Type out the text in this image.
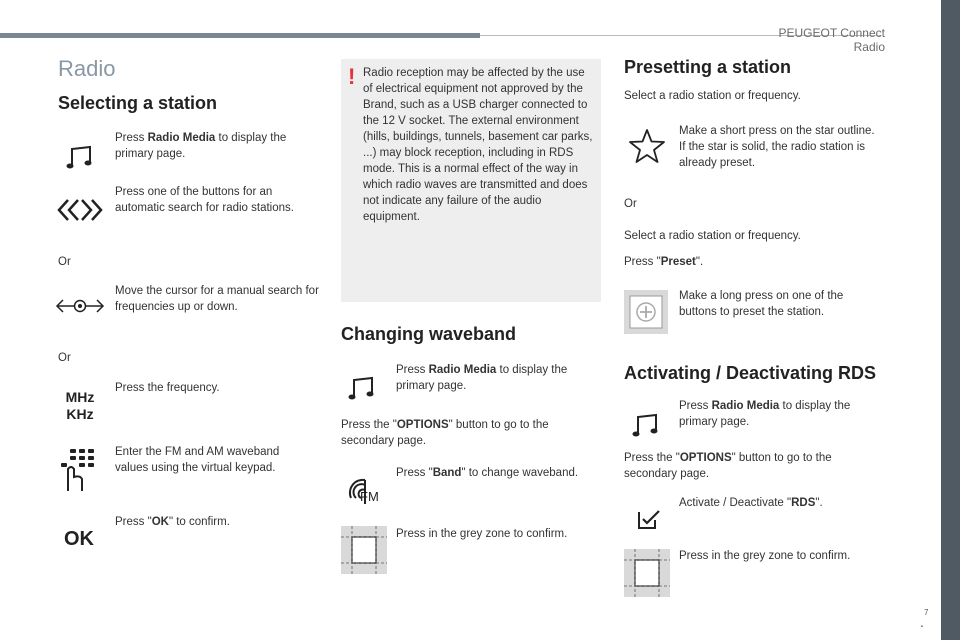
PEUGEOT Connect Radio
Radio
Selecting a station
Press Radio Media to display the primary page.
Press one of the buttons for an automatic search for radio stations.
Or
Move the cursor for a manual search for frequencies up or down.
Or
MHz
KHz
Press the frequency.
Enter the FM and AM waveband values using the virtual keypad.
OK
Press "OK" to confirm.
! Radio reception may be affected by the use of electrical equipment not approved by the Brand, such as a USB charger connected to the 12 V socket. The external environment (hills, buildings, tunnels, basement car parks, ...) may block reception, including in RDS mode. This is a normal effect of the way in which radio waves are transmitted and does not indicate any failure of the audio equipment.
Changing waveband
Press Radio Media to display the primary page.
Press the "OPTIONS" button to go to the secondary page.
FM
Press "Band" to change waveband.
Press in the grey zone to confirm.
Presetting a station
Select a radio station or frequency.
Make a short press on the star outline. If the star is solid, the radio station is already preset.
Or
Select a radio station or frequency.
Press "Preset".
Make a long press on one of the buttons to preset the station.
Activating / Deactivating RDS
Press Radio Media to display the primary page.
Press the "OPTIONS" button to go to the secondary page.
Activate / Deactivate "RDS".
Press in the grey zone to confirm.
.
7
